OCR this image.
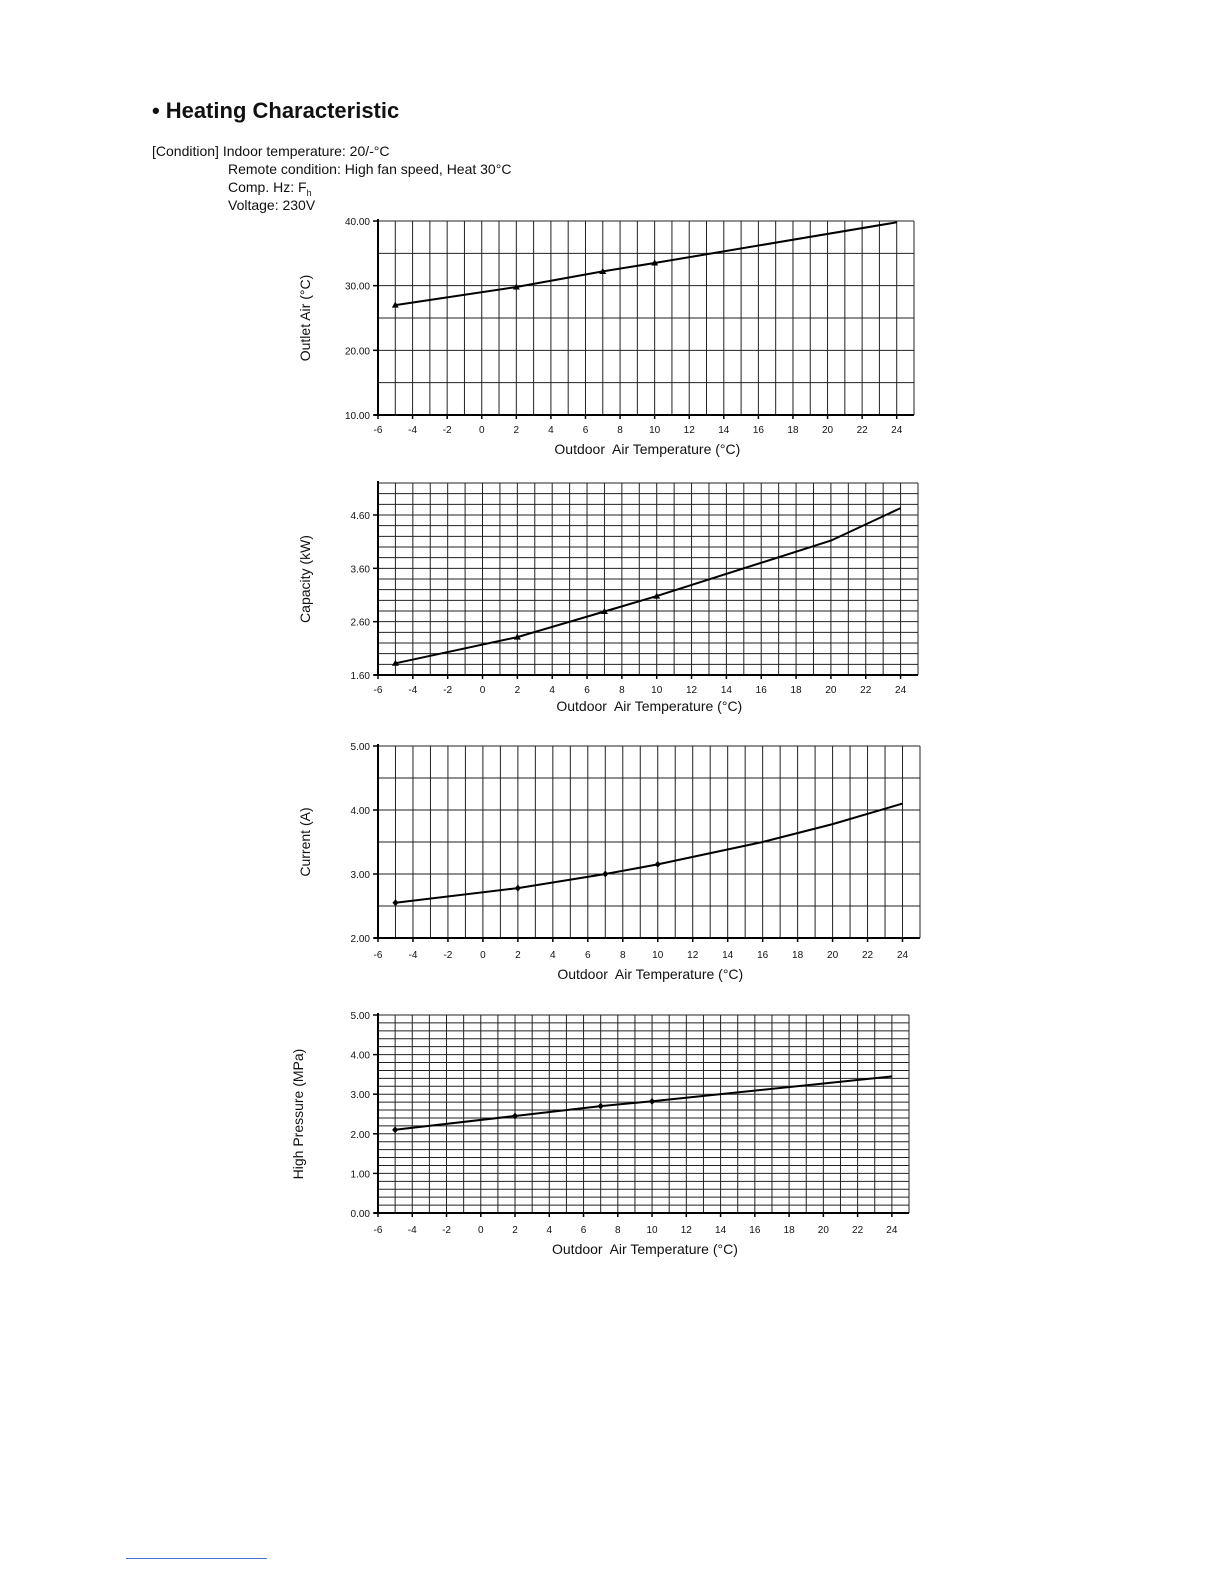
• Heating Characteristic
[Condition] Indoor temperature: 20/-°C
Remote condition: High fan speed, Heat 30°C
Comp. Hz: $F_h$
Voltage: 230V
-6	-4	-2	0	2	4	6	8	10 12 14 16 18 20 22 24
10.00
20.00
30.00
40.00
Outdoor  Air Temperature (°C)
Outlet Air (°C)
-6	-4	-2	0	2	4	6	8	10 12 14 16 18 20 22 24
1.60
2.60
3.60
4.60
Outdoor  Air Temperature (°C)
Capacity (kW)
-6	-4	-2	0	2	4	6	8	10 12 14 16 18 20 22 24
2.00
3.00
4.00
5.00
Outdoor  Air Temperature (°C)
Current (A)
-6	-4	-2	0	2	4	6	8	10 12 14 16 18 20 22 24
0.00
1.00
2.00
3.00
4.00
5.00
Outdoor  Air Temperature (°C)
High Pressure (MPa)
